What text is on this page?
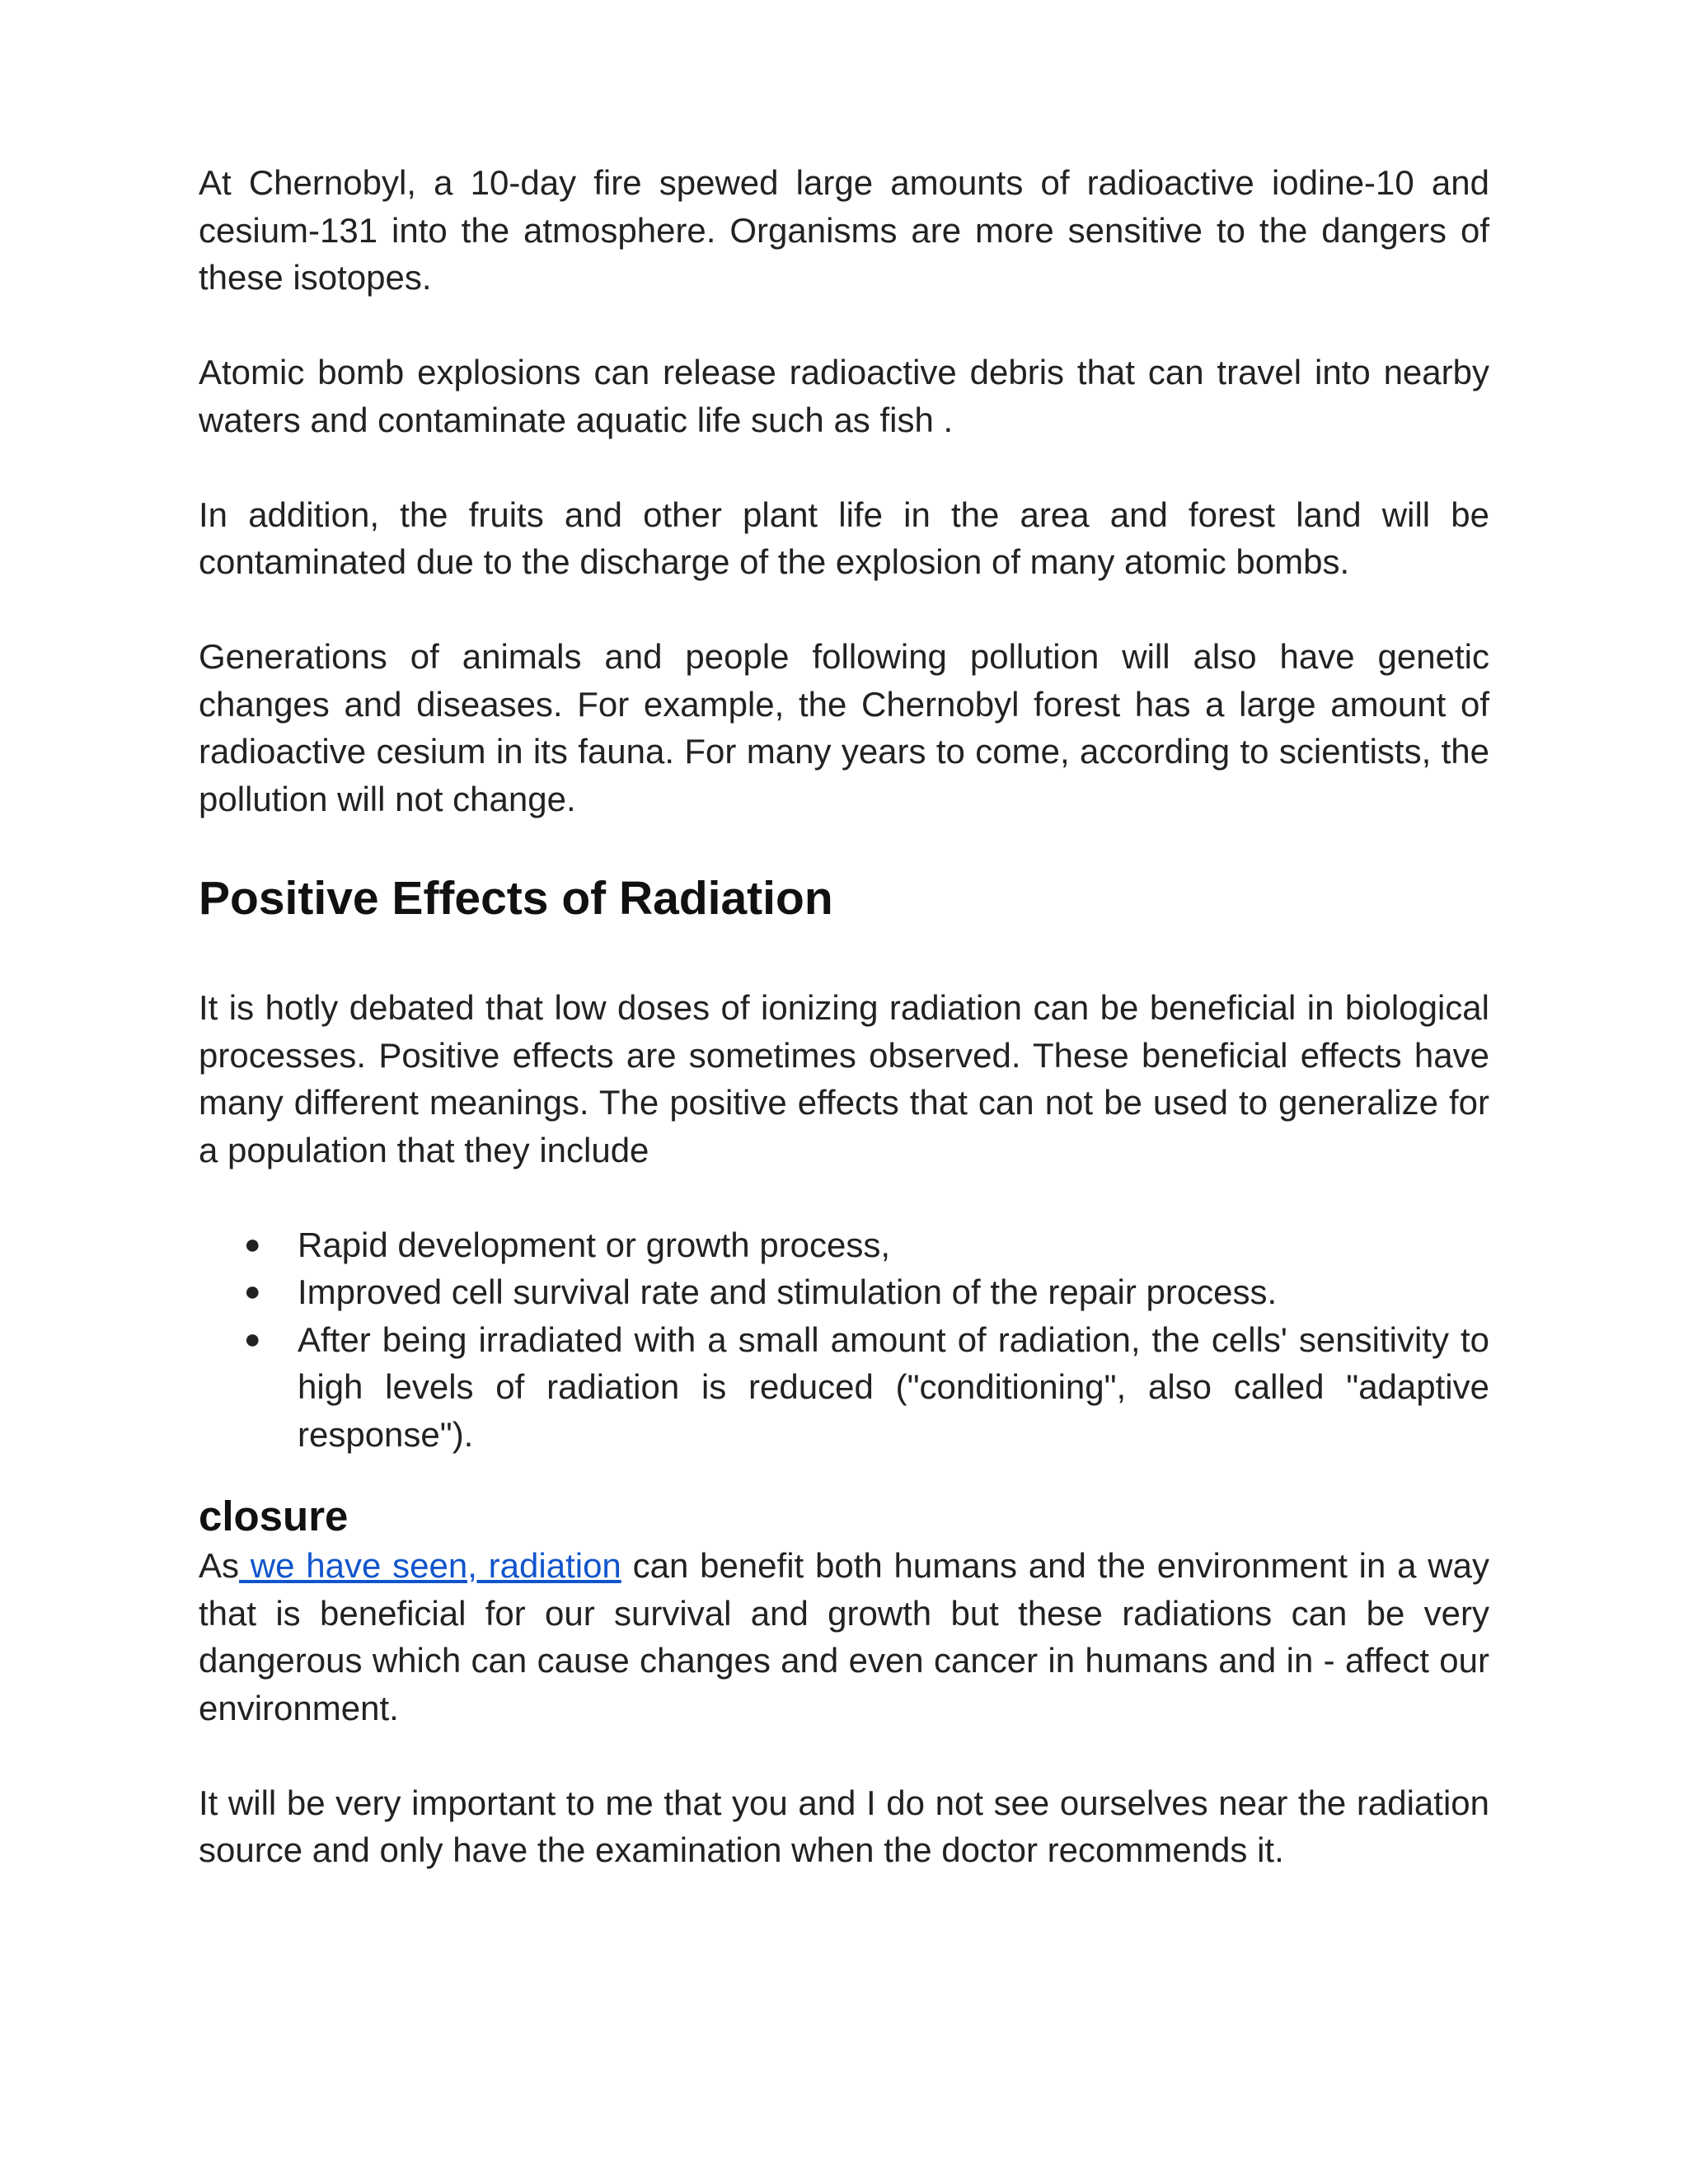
At Chernobyl, a 10-day fire spewed large amounts of radioactive iodine-10 and cesium-131 into the atmosphere. Organisms are more sensitive to the dangers of these isotopes.

Atomic bomb explosions can release radioactive debris that can travel into nearby waters and contaminate aquatic life such as fish .

In addition, the fruits and other plant life in the area and forest land will be contaminated due to the discharge of the explosion of many atomic bombs.

Generations of animals and people following pollution will also have genetic changes and diseases. For example, the Chernobyl forest has a large amount of radioactive cesium in its fauna. For many years to come, according to scientists, the pollution will not change.

Positive Effects of Radiation

It is hotly debated that low doses of ionizing radiation can be beneficial in biological processes. Positive effects are sometimes observed. These beneficial effects have many different meanings. The positive effects that can not be used to generalize for a population that they include

●	Rapid development or growth process,
●	Improved cell survival rate and stimulation of the repair process.
●	After being irradiated with a small amount of radiation, the cells' sensitivity to high levels of radiation is reduced ("conditioning", also called "adaptive response").
closure

As we have seen, radiation can benefit both humans and the environment in a way that is beneficial for our survival and growth but these radiations can be very dangerous which can cause changes and even cancer in humans and in - affect our environment.

It will be very important to me that you and I do not see ourselves near the radiation source and only have the examination when the doctor recommends it.
